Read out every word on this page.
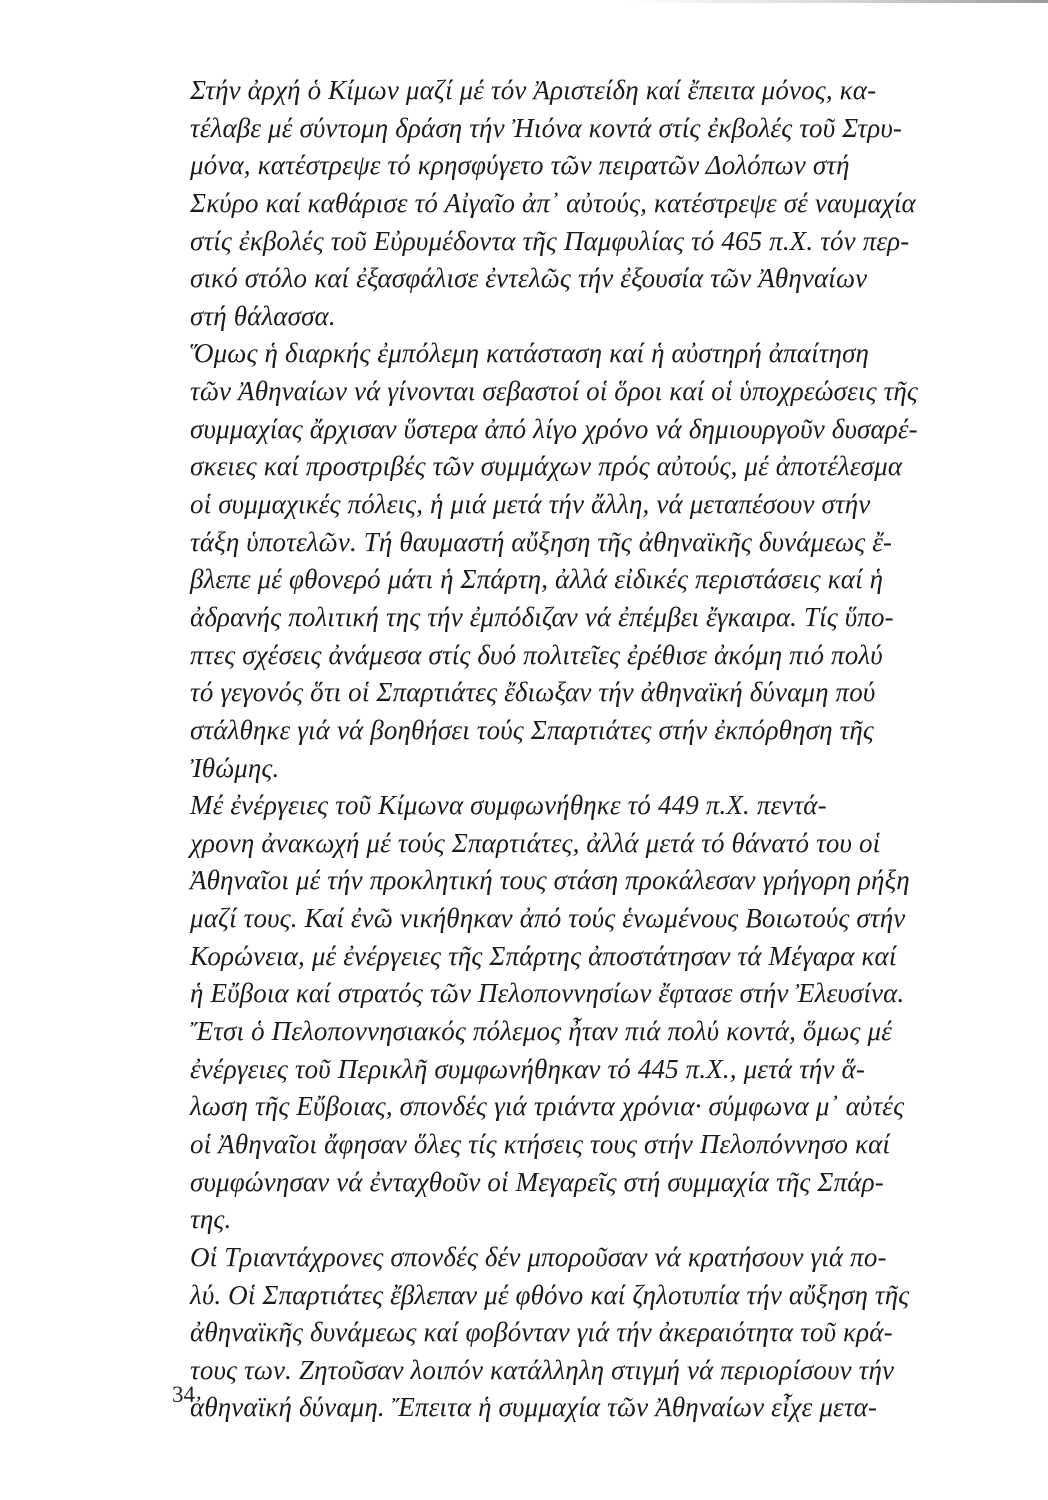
Στήν ἀρχή ὁ Κίμων μαζί μέ τόν Ἀριστείδη καί ἔπειτα μόνος, κα-
τέλαβε μέ σύντομη δράση τήν Ἠιόνα κοντά στίς ἐκβολές τοῦ Στρυ-
μόνα, κατέστρεψε τό κρησφύγετο τῶν πειρατῶν Δολόπων στή
Σκύρο καί καθάρισε τό Αἰγαῖο ἀπ᾿ αὐτούς, κατέστρεψε σέ ναυμαχία
στίς ἐκβολές τοῦ Εὐρυμέδοντα τῆς Παμφυλίας τό 465 π.Χ. τόν περ-
σικό στόλο καί ἐξασφάλισε ἐντελῶς τήν ἐξουσία τῶν Ἀθηναίων
στή θάλασσα.
Ὅμως ἡ διαρκής ἐμπόλεμη κατάσταση καί ἡ αὐστηρή ἀπαίτηση
τῶν Ἀθηναίων νά γίνονται σεβαστοί οἱ ὅροι καί οἱ ὑποχρεώσεις τῆς
συμμαχίας ἄρχισαν ὕστερα ἀπό λίγο χρόνο νά δημιουργοῦν δυσαρέ-
σκειες καί προστριβές τῶν συμμάχων πρός αὐτούς, μέ ἀποτέλεσμα
οἱ συμμαχικές πόλεις, ἡ μιά μετά τήν ἄλλη, νά μεταπέσουν στήν
τάξη ὑποτελῶν. Τή θαυμαστή αὔξηση τῆς ἀθηναϊκῆς δυνάμεως ἔ-
βλεπε μέ φθονερό μάτι ἡ Σπάρτη, ἀλλά εἰδικές περιστάσεις καί ἡ
ἀδρανής πολιτική της τήν ἐμπόδιζαν νά ἐπέμβει ἔγκαιρα. Τίς ὕπο-
πτες σχέσεις ἀνάμεσα στίς δυό πολιτεῖες ἐρέθισε ἀκόμη πιό πολύ
τό γεγονός ὅτι οἱ Σπαρτιάτες ἔδιωξαν τήν ἀθηναϊκή δύναμη πού
στάλθηκε γιά νά βοηθήσει τούς Σπαρτιάτες στήν ἐκπόρθηση τῆς
Ἰθώμης.
Μέ ἐνέργειες τοῦ Κίμωνα συμφωνήθηκε τό 449 π.Χ. πεντά-
χρονη ἀνακωχή μέ τούς Σπαρτιάτες, ἀλλά μετά τό θάνατό του οἱ
Ἀθηναῖοι μέ τήν προκλητική τους στάση προκάλεσαν γρήγορη ρήξη
μαζί τους. Καί ἐνῶ νικήθηκαν ἀπό τούς ἑνωμένους Βοιωτούς στήν
Κορώνεια, μέ ἐνέργειες τῆς Σπάρτης ἀποστάτησαν τά Μέγαρα καί
ἡ Εὔβοια καί στρατός τῶν Πελοποννησίων ἔφτασε στήν Ἐλευσίνα.
Ἔτσι ὁ Πελοποννησιακός πόλεμος ἦταν πιά πολύ κοντά, ὅμως μέ
ἐνέργειες τοῦ Περικλῆ συμφωνήθηκαν τό 445 π.Χ., μετά τήν ἅ-
λωση τῆς Εὔβοιας, σπονδές γιά τριάντα χρόνια· σύμφωνα μ᾿ αὐτές
οἱ Ἀθηναῖοι ἄφησαν ὅλες τίς κτήσεις τους στήν Πελοπόννησο καί
συμφώνησαν νά ἐνταχθοῦν οἱ Μεγαρεῖς στή συμμαχία τῆς Σπάρ-
της.
Οἱ Τριαντάχρονες σπονδές δέν μποροῦσαν νά κρατήσουν γιά πο-
λύ. Οἱ Σπαρτιάτες ἔβλεπαν μέ φθόνο καί ζηλοτυπία τήν αὔξηση τῆς
ἀθηναϊκῆς δυνάμεως καί φοβόνταν γιά τήν ἀκεραιότητα τοῦ κρά-
τους των. Ζητοῦσαν λοιπόν κατάλληλη στιγμή νά περιορίσουν τήν
ἀθηναϊκή δύναμη. Ἔπειτα ἡ συμμαχία τῶν Ἀθηναίων εἶχε μετα-
34
